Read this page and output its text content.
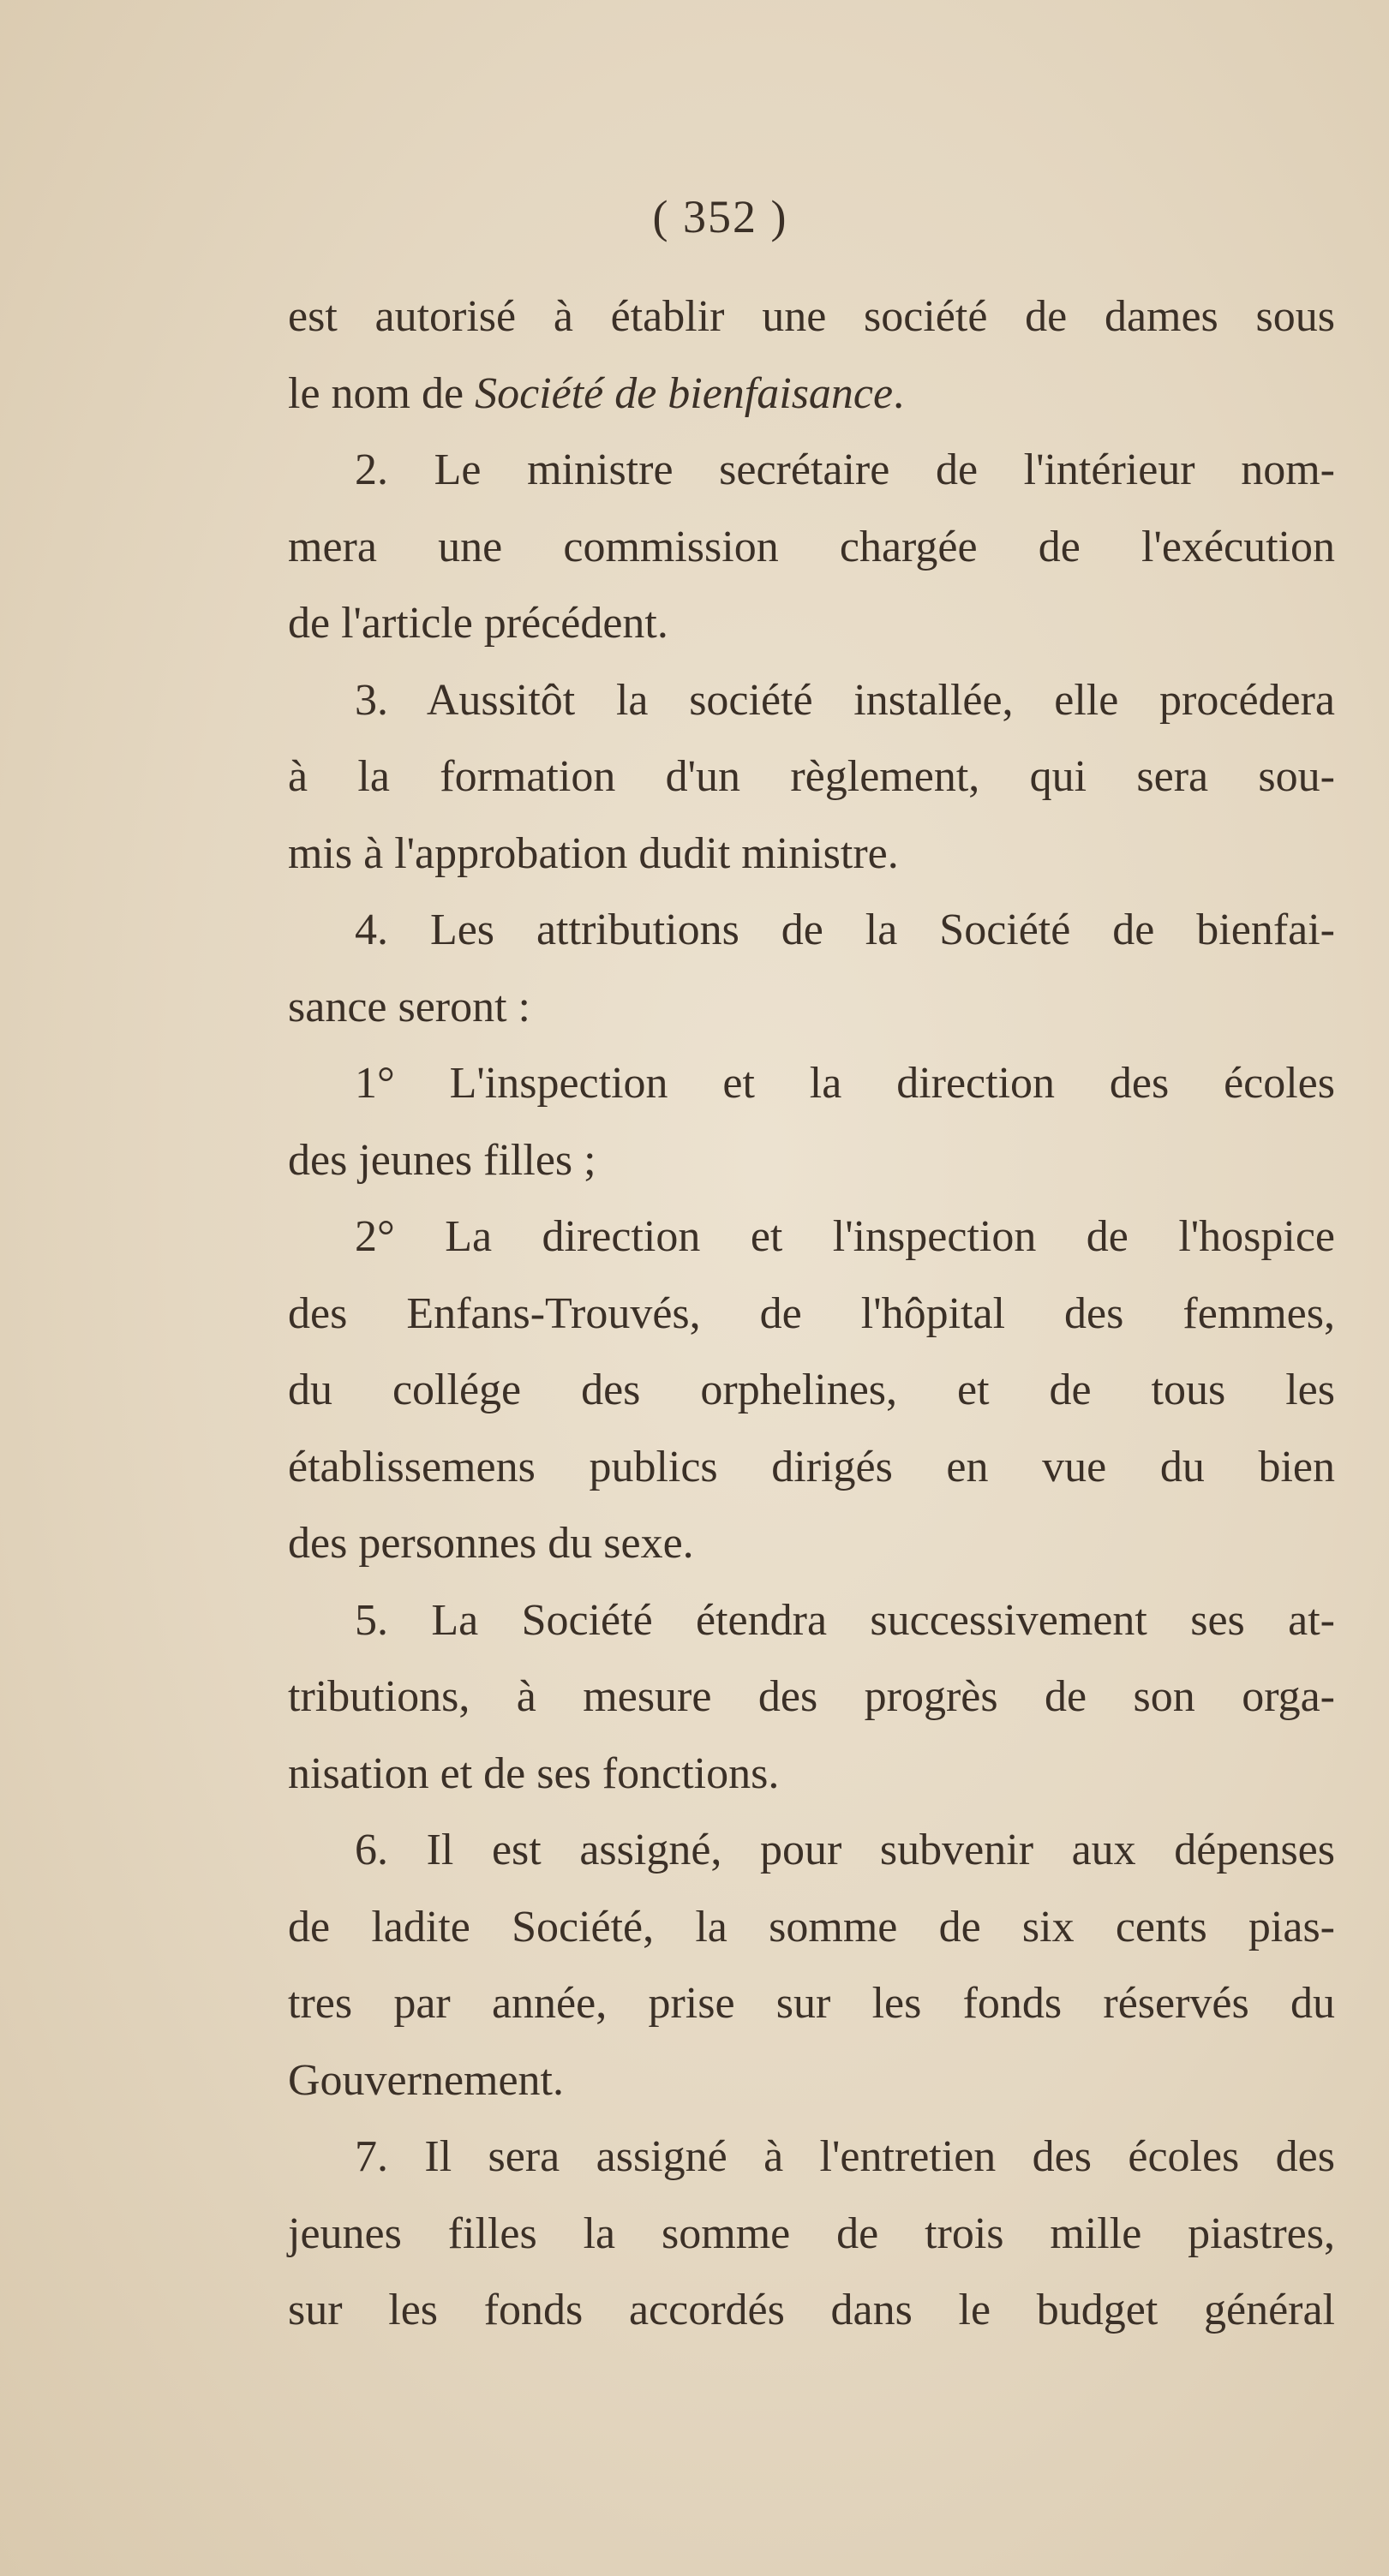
( 352 )
est autorisé à établir une société de dames sous
le nom de Société de bienfaisance.
2. Le ministre secrétaire de l'intérieur nom-
mera une commission chargée de l'exécution
de l'article précédent.
3. Aussitôt la société installée, elle procédera
à la formation d'un règlement, qui sera sou-
mis à l'approbation dudit ministre.
4. Les attributions de la Société de bienfai-
sance seront :
1° L'inspection et la direction des écoles
des jeunes filles ;
2° La direction et l'inspection de l'hospice
des Enfans-Trouvés, de l'hôpital des femmes,
du collége des orphelines, et de tous les
établissemens publics dirigés en vue du bien
des personnes du sexe.
5. La Société étendra successivement ses at-
tributions, à mesure des progrès de son orga-
nisation et de ses fonctions.
6. Il est assigné, pour subvenir aux dépenses
de ladite Société, la somme de six cents pias-
tres par année, prise sur les fonds réservés du
Gouvernement.
7. Il sera assigné à l'entretien des écoles des
jeunes filles la somme de trois mille piastres,
sur les fonds accordés dans le budget général
